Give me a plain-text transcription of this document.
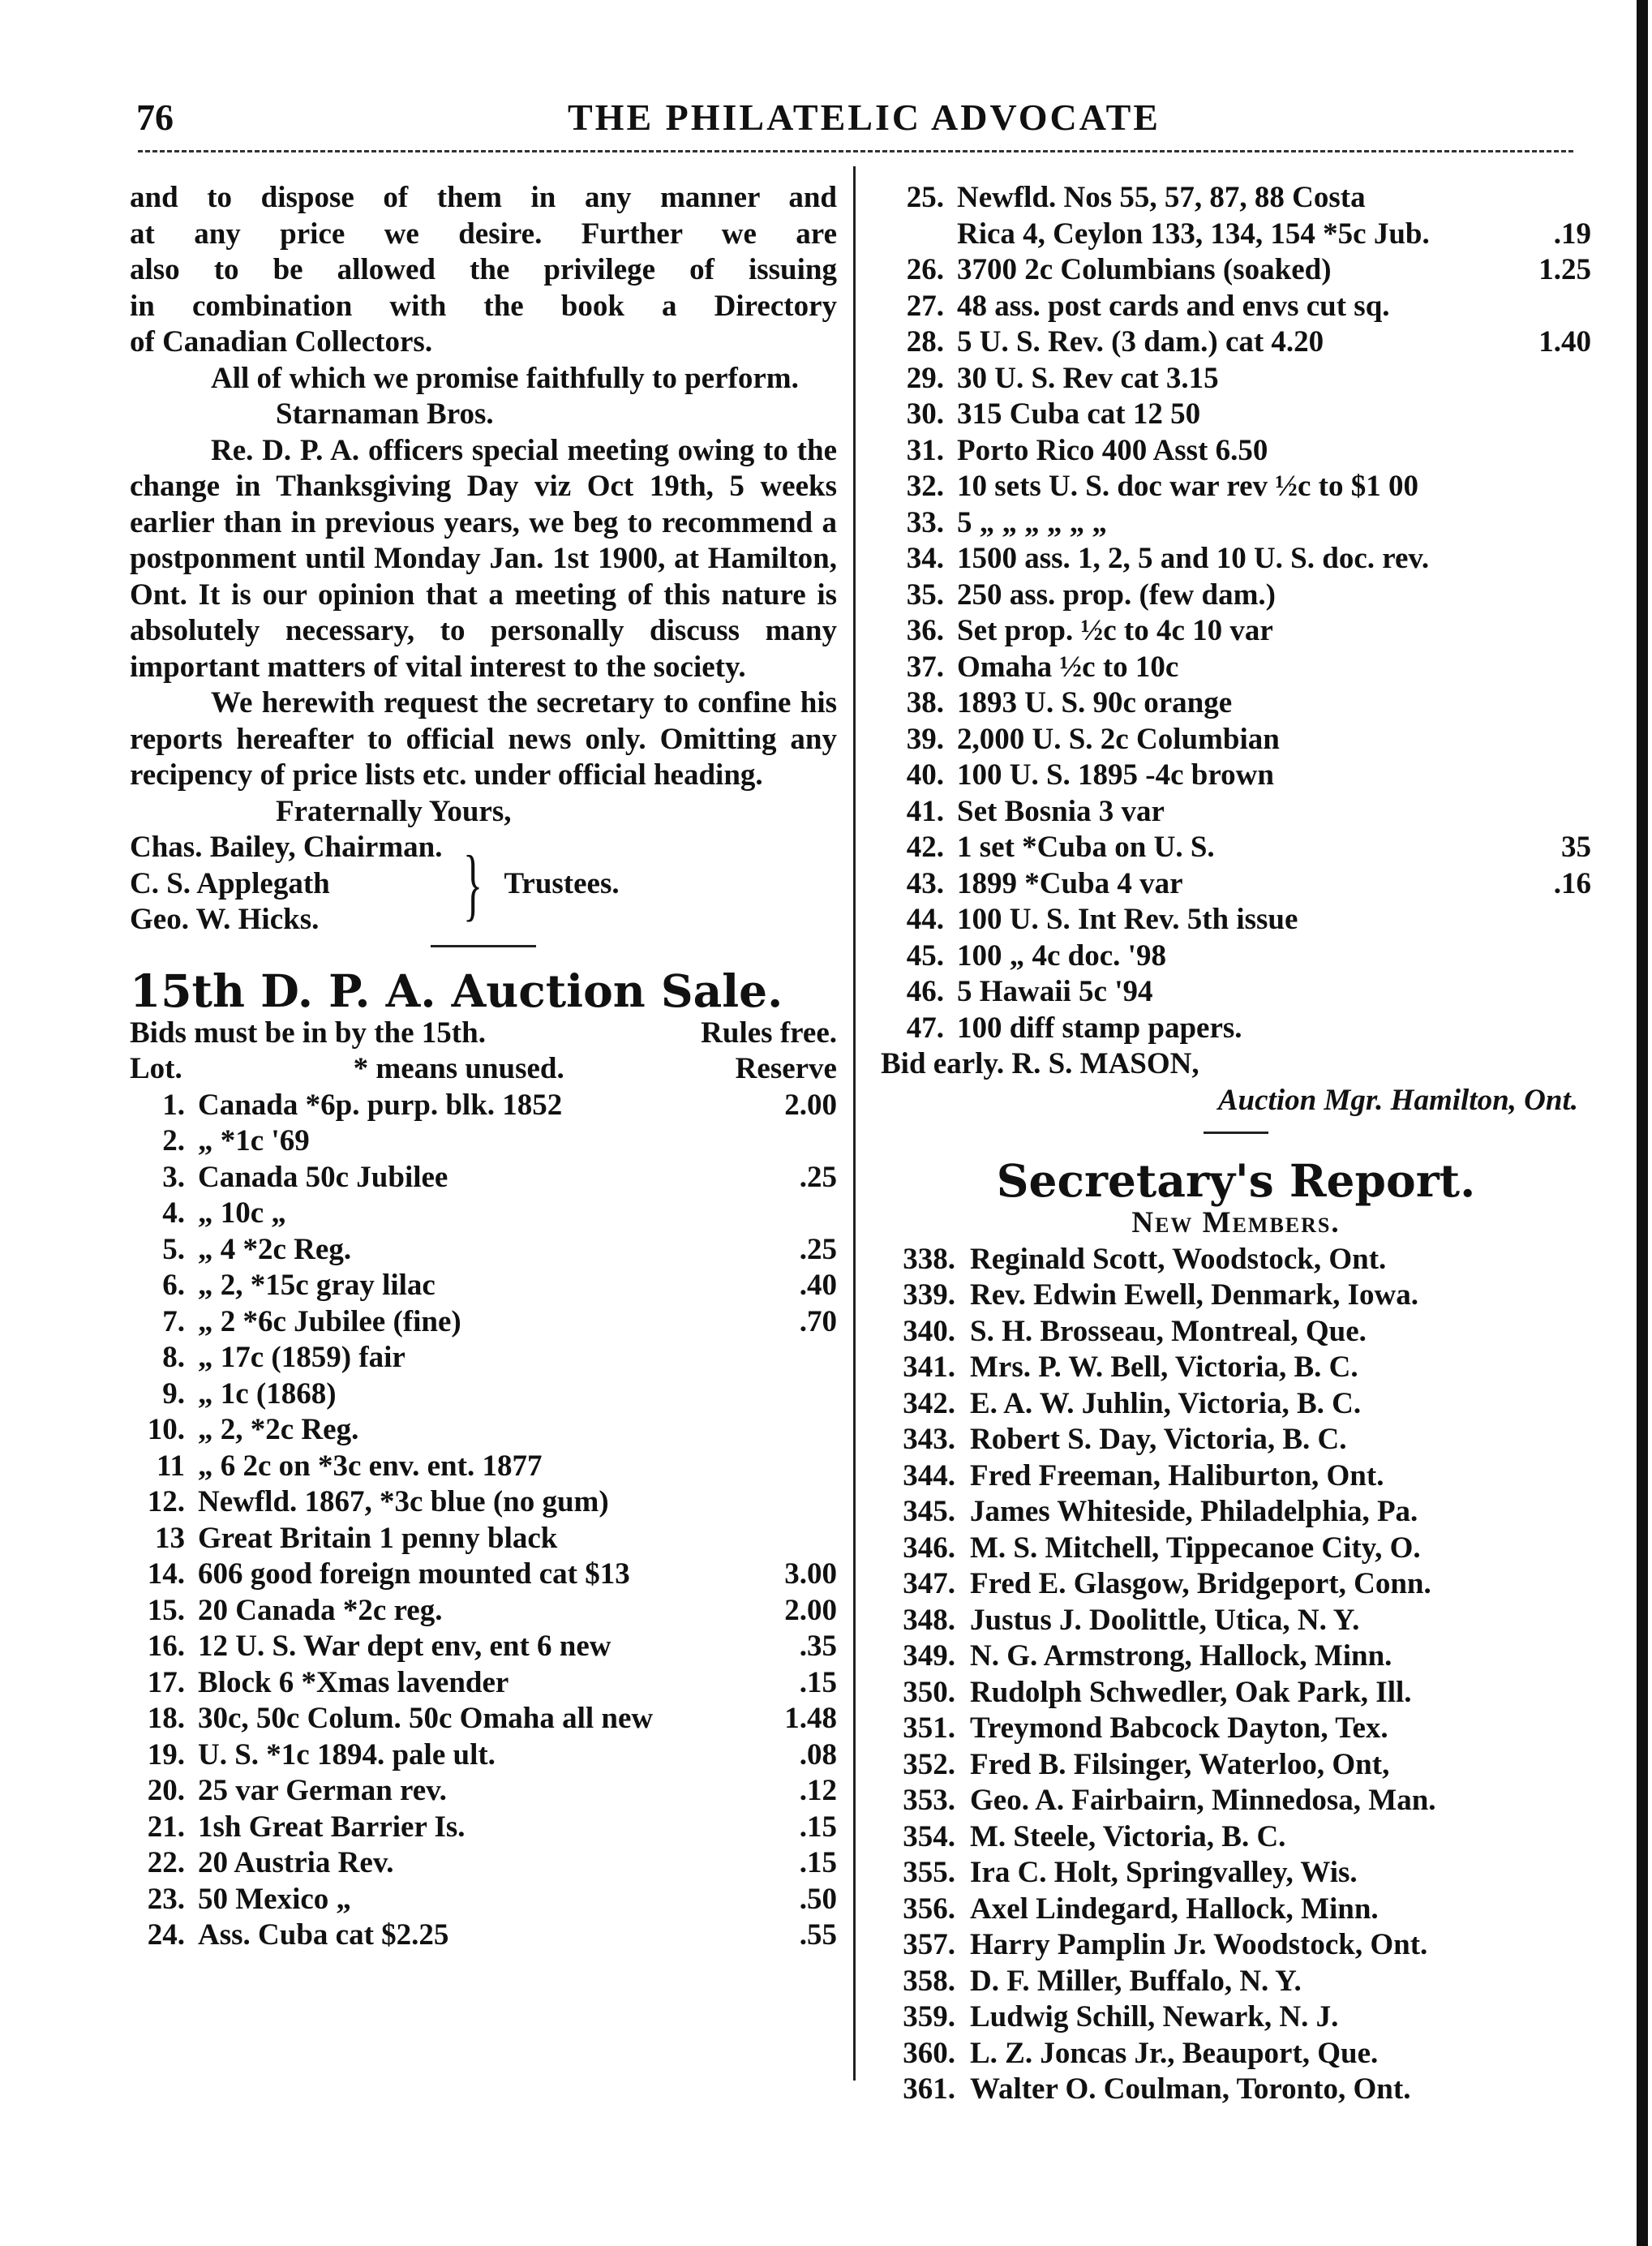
76	THE PHILATELIC ADVOCATE
and to dispose of them in any manner and
at any price we desire. Further we are
also to be allowed the privilege of issuing
in combination with the book a Directory
of Canadian Collectors.
All of which we promise faithfully to perform.
Starnaman Bros.
Re. D. P. A. officers special meeting owing to the change in Thanksgiving Day viz Oct 19th, 5 weeks earlier than in previous years, we beg to recommend a postponment until Monday Jan. 1st 1900, at Hamilton, Ont. It is our opinion that a meeting of this nature is absolutely necessary, to personally discuss many important matters of vital interest to the society.
We herewith request the secretary to confine his reports hereafter to official news only. Omitting any recipency of price lists etc. under official heading.
Fraternally Yours,
Chas. Bailey, Chairman.
C. S. Applegath
Geo. W. Hicks.	} Trustees.
15th D. P. A. Auction Sale.
Bids must be in by the 15th.	Rules free.
Lot.	* means unused.	Reserve
1. Canada *6p. purp. blk. 1852	2.00
2. „ *1c '69
3. Canada 50c Jubilee	.25
4. „ 10c „
5. „ 4 *2c Reg.	.25
6. „ 2, *15c gray lilac	.40
7. „ 2 *6c Jubilee (fine)	.70
8. „ 17c (1859) fair
9. „ 1c (1868)
10. „ 2, *2c Reg.
11 „ 6 2c on *3c env. ent. 1877
12. Newfld. 1867, *3c blue (no gum)
13 Great Britain 1 penny black
14. 606 good foreign mounted cat $13	3.00
15. 20 Canada *2c reg.	2.00
16. 12 U. S. War dept env, ent 6 new	.35
17. Block 6 *Xmas lavender	.15
18. 30c, 50c Colum. 50c Omaha all new	1.48
19. U. S. *1c 1894. pale ult.	.08
20. 25 var German rev.	.12
21. 1sh Great Barrier Is.	.15
22. 20 Austria Rev.	.15
23. 50 Mexico „	.50
24. Ass. Cuba cat $2.25	.55
25. Newfld. Nos 55, 57, 87, 88 Costa
Rica 4, Ceylon 133, 134, 154 *5c Jub.	.19
26. 3700 2c Columbians (soaked)	1.25
27. 48 ass. post cards and envs cut sq.
28. 5 U. S. Rev. (3 dam.) cat 4.20	1.40
29. 30 U. S. Rev cat 3.15
30. 315 Cuba cat 12 50
31. Porto Rico 400 Asst 6.50
32. 10 sets U. S. doc war rev ½c to $1 00
33. 5 „ „ „ „ „ „
34. 1500 ass. 1, 2, 5 and 10 U. S. doc. rev.
35. 250 ass. prop. (few dam.)
36. Set prop. ½c to 4c 10 var
37. Omaha ½c to 10c
38. 1893 U. S. 90c orange
39. 2,000 U. S. 2c Columbian
40. 100 U. S. 1895 -4c brown
41. Set Bosnia 3 var
42. 1 set *Cuba on U. S.	35
43. 1899 *Cuba 4 var	.16
44. 100 U. S. Int Rev. 5th issue
45. 100 „ 4c doc. '98
46. 5 Hawaii 5c '94
47. 100 diff stamp papers.
Bid early. R. S. MASON,
Auction Mgr. Hamilton, Ont.
Secretary's Report.
New Members.
338. Reginald Scott, Woodstock, Ont.
339. Rev. Edwin Ewell, Denmark, Iowa.
340. S. H. Brosseau, Montreal, Que.
341. Mrs. P. W. Bell, Victoria, B. C.
342. E. A. W. Juhlin, Victoria, B. C.
343. Robert S. Day, Victoria, B. C.
344. Fred Freeman, Haliburton, Ont.
345. James Whiteside, Philadelphia, Pa.
346. M. S. Mitchell, Tippecanoe City, O.
347. Fred E. Glasgow, Bridgeport, Conn.
348. Justus J. Doolittle, Utica, N. Y.
349. N. G. Armstrong, Hallock, Minn.
350. Rudolph Schwedler, Oak Park, Ill.
351. Treymond Babcock Dayton, Tex.
352. Fred B. Filsinger, Waterloo, Ont,
353. Geo. A. Fairbairn, Minnedosa, Man.
354. M. Steele, Victoria, B. C.
355. Ira C. Holt, Springvalley, Wis.
356. Axel Lindegard, Hallock, Minn.
357. Harry Pamplin Jr. Woodstock, Ont.
358. D. F. Miller, Buffalo, N. Y.
359. Ludwig Schill, Newark, N. J.
360. L. Z. Joncas Jr., Beauport, Que.
361. Walter O. Coulman, Toronto, Ont.
